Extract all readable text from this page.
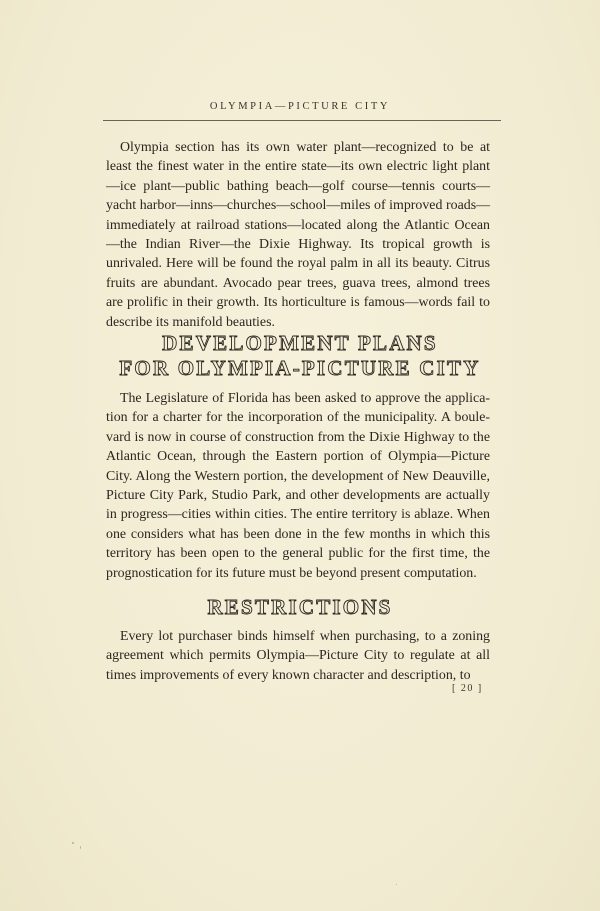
OLYMPIA—PICTURE CITY

Olympia section has its own water plant—recognized to be at least the finest water in the entire state—its own electric light plant—ice plant—public bathing beach—golf course—tennis courts—yacht harbor—inns—churches—school—miles of improved roads—immediately at railroad stations—located along the Atlantic Ocean—the Indian River—the Dixie Highway. Its tropical growth is unrivaled. Here will be found the royal palm in all its beauty. Citrus fruits are abundant. Avocado pear trees, guava trees, almond trees are prolific in their growth. Its horticulture is famous—words fail to describe its manifold beauties.

DEVELOPMENT PLANS
FOR OLYMPIA-PICTURE CITY

The Legislature of Florida has been asked to approve the application for a charter for the incorporation of the municipality. A boulevard is now in course of construction from the Dixie Highway to the Atlantic Ocean, through the Eastern portion of Olympia—Picture City. Along the Western portion, the development of New Deauville, Picture City Park, Studio Park, and other developments are actually in progress—cities within cities. The entire territory is ablaze. When one considers what has been done in the few months in which this territory has been open to the general public for the first time, the prognostication for its future must be beyond present computation.

RESTRICTIONS

Every lot purchaser binds himself when purchasing, to a zoning agreement which permits Olympia—Picture City to regulate at all times improvements of every known character and description, to

[ 20 ]
